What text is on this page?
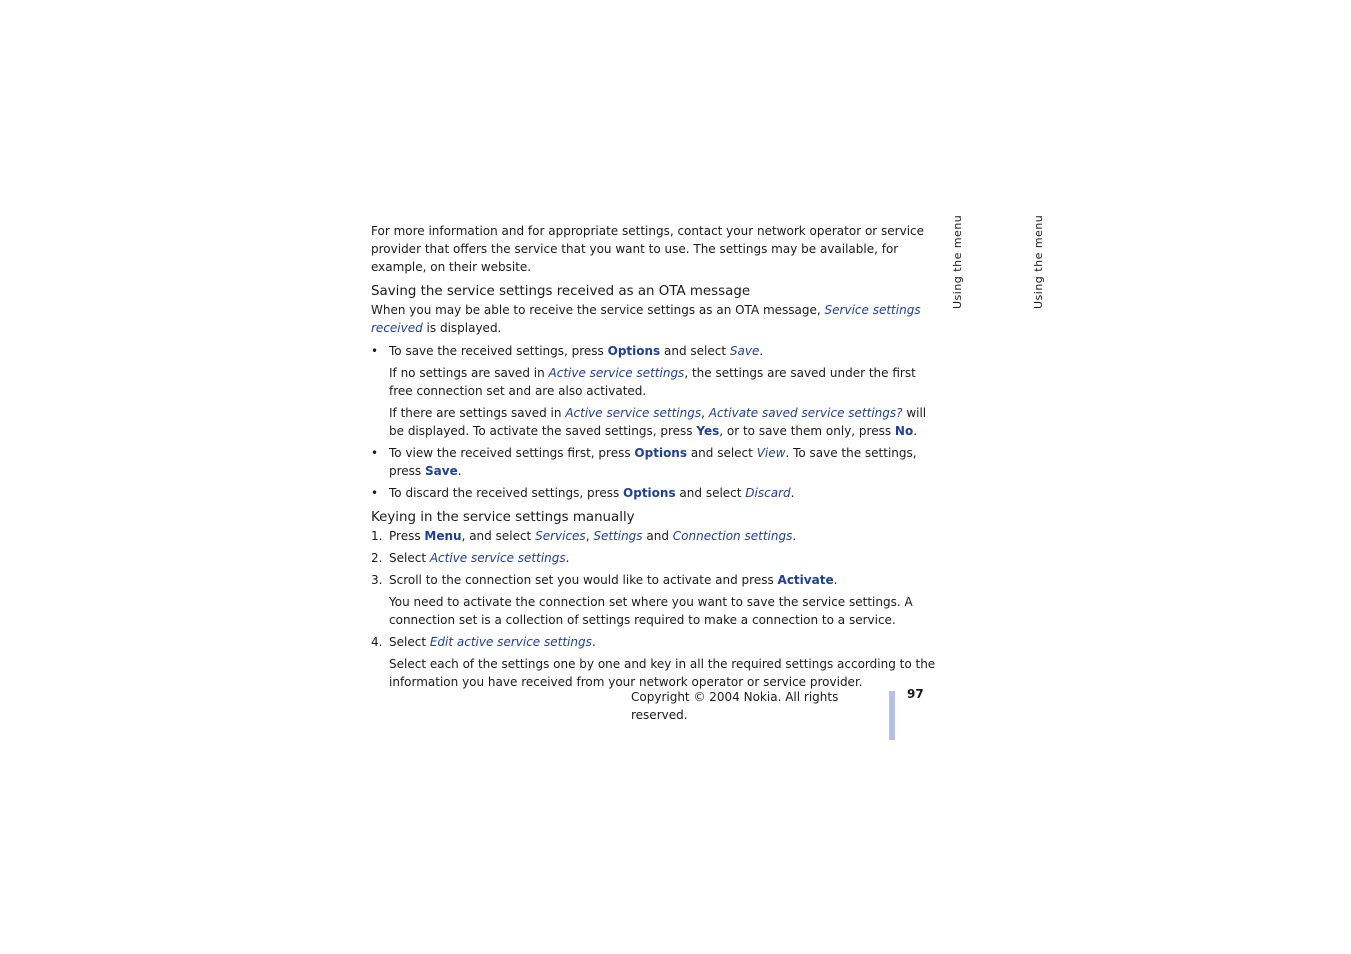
For more information and for appropriate settings, contact your network operator or service provider that offers the service that you want to use. The settings may be available, for example, on their website.

Saving the service settings received as an OTA message

When you may be able to receive the service settings as an OTA message, Service settings received is displayed.

• To save the received settings, press Options and select Save.

If no settings are saved in Active service settings, the settings are saved under the first free connection set and are also activated.

If there are settings saved in Active service settings, Activate saved service settings? will be displayed. To activate the saved settings, press Yes, or to save them only, press No.

• To view the received settings first, press Options and select View. To save the settings, press Save.
• To discard the received settings, press Options and select Discard.
Keying in the service settings manually
1. Press Menu, and select Services, Settings and Connection settings.
2. Select Active service settings.
3. Scroll to the connection set you would like to activate and press Activate.

You need to activate the connection set where you want to save the service settings. A connection set is a collection of settings required to make a connection to a service.

4. Select Edit active service settings.

Select each of the settings one by one and key in all the required settings according to the information you have received from your network operator or service provider.

Copyright © 2004 Nokia. All rights reserved.
97
Using the menu	Using the menu
